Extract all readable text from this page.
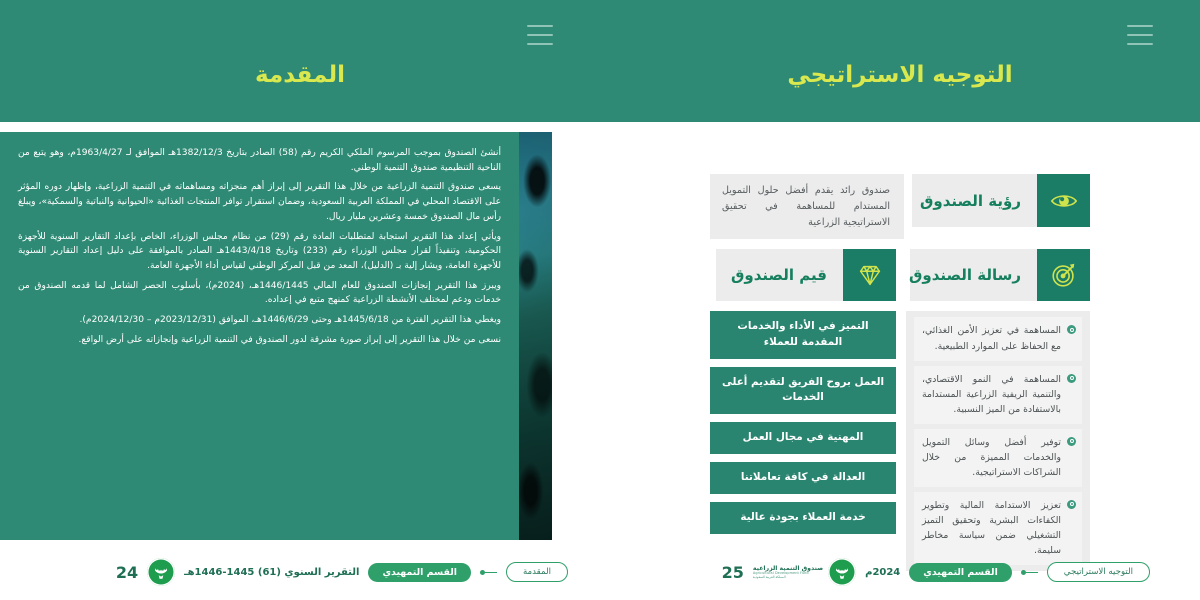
التوجيه الاستراتيجي
رؤية الصندوق
صندوق رائد يقدم أفضل حلول التمويل المستدام للمساهمة في تحقيق الاستراتيجية الزراعية
رسالة الصندوق
المساهمة في تعزيز الأمن الغذائي، مع الحفاظ على الموارد الطبيعية.
المساهمة في النمو الاقتصادي، والتنمية الريفية الزراعية المستدامة بالاستفادة من الميز النسبية.
توفير أفضل وسائل التمويل والخدمات المميزة من خلال الشراكات الاستراتيجية.
تعزيز الاستدامة المالية وتطوير الكفاءات البشرية وتحقيق التميز التشغيلي ضمن سياسة مخاطر سليمة.
قيم الصندوق
التميز في الأداء والخدمات المقدمة للعملاء
العمل بروح الفريق لتقديم أعلى الخدمات
المهنية في مجال العمل
العدالة في كافة تعاملاتنا
خدمة العملاء بجودة عالية
التوجيه الاستراتيجي
القسم التمهيدي
2024م
صندوق التنمية الزراعية
Agricultural Development Fund
المملكة العربية السعودية
25
المقدمة

أنشئ الصندوق بموجب المرسوم الملكي الكريم رقم (58) الصادر بتاريخ 1382/12/3هـ الموافق لـ 1963/4/27م، وهو يتبع من الناحية التنظيمية صندوق التنمية الوطني.

يسعى صندوق التنمية الزراعية من خلال هذا التقرير إلى إبراز أهم منجزاته ومساهماته في التنمية الزراعية، وإظهار دوره المؤثر على الاقتصاد المحلي في المملكة العربية السعودية، وضمان استقرار توافر المنتجات الغذائية «الحيوانية والنباتية والسمكية»، ويبلغ رأس مال الصندوق خمسة وعشرين مليار ريال.

ويأتي إعداد هذا التقرير استجابة لمتطلبات المادة رقم (29) من نظام مجلس الوزراء، الخاص بإعداد التقارير السنوية للأجهزة الحكومية، وتنفيذاً لقرار مجلس الوزراء رقم (233) وتاريخ 1443/4/18هـ الصادر بالموافقة على دليل إعداد التقارير السنوية للأجهزة العامة، ويشار إلية بـ (الدليل)، المعد من قبل المركز الوطني لقياس أداء الأجهزة العامة.

ويبرز هذا التقرير إنجازات الصندوق للعام المالي 1446/1445هـ، (2024م)، بأسلوب الحصر الشامل لما قدمه الصندوق من خدمات ودعم لمختلف الأنشطة الزراعية كمنهج متبع في إعداده.

ويغطي هذا التقرير الفترة من 1445/6/18هـ وحتى 1446/6/29هـ، الموافق (2023/12/31م – 2024/12/30م).

نسعى من خلال هذا التقرير إلى إبراز صورة مشرقة لدور الصندوق في التنمية الزراعية وإنجازاته على أرض الواقع.

المقدمة
القسم التمهيدي
التقرير السنوي (61) 1445-1446هـ
24
